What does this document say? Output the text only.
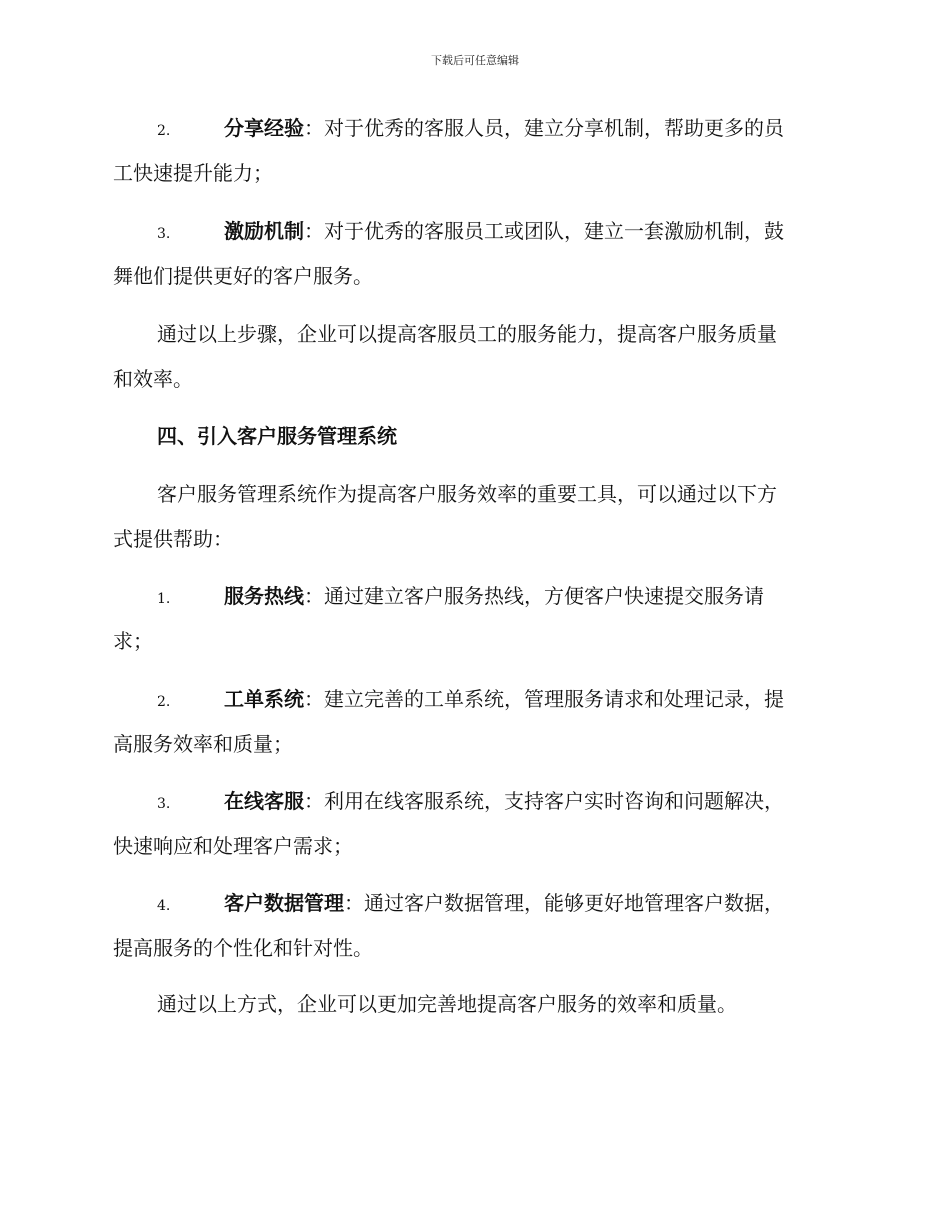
下载后可任意编辑
2.	分享经验：对于优秀的客服人员，建立分享机制，帮助更多的员
工快速提升能力；
3.	激励机制：对于优秀的客服员工或团队，建立一套激励机制，鼓
舞他们提供更好的客户服务。
通过以上步骤，企业可以提高客服员工的服务能力，提高客户服务质量
和效率。
四、引入客户服务管理系统
客户服务管理系统作为提高客户服务效率的重要工具，可以通过以下方
式提供帮助：
1.	服务热线：通过建立客户服务热线，方便客户快速提交服务请
求；
2.	工单系统：建立完善的工单系统，管理服务请求和处理记录，提
高服务效率和质量；
3.	在线客服：利用在线客服系统，支持客户实时咨询和问题解决，
快速响应和处理客户需求；
4.	客户数据管理：通过客户数据管理，能够更好地管理客户数据，
提高服务的个性化和针对性。
通过以上方式，企业可以更加完善地提高客户服务的效率和质量。
